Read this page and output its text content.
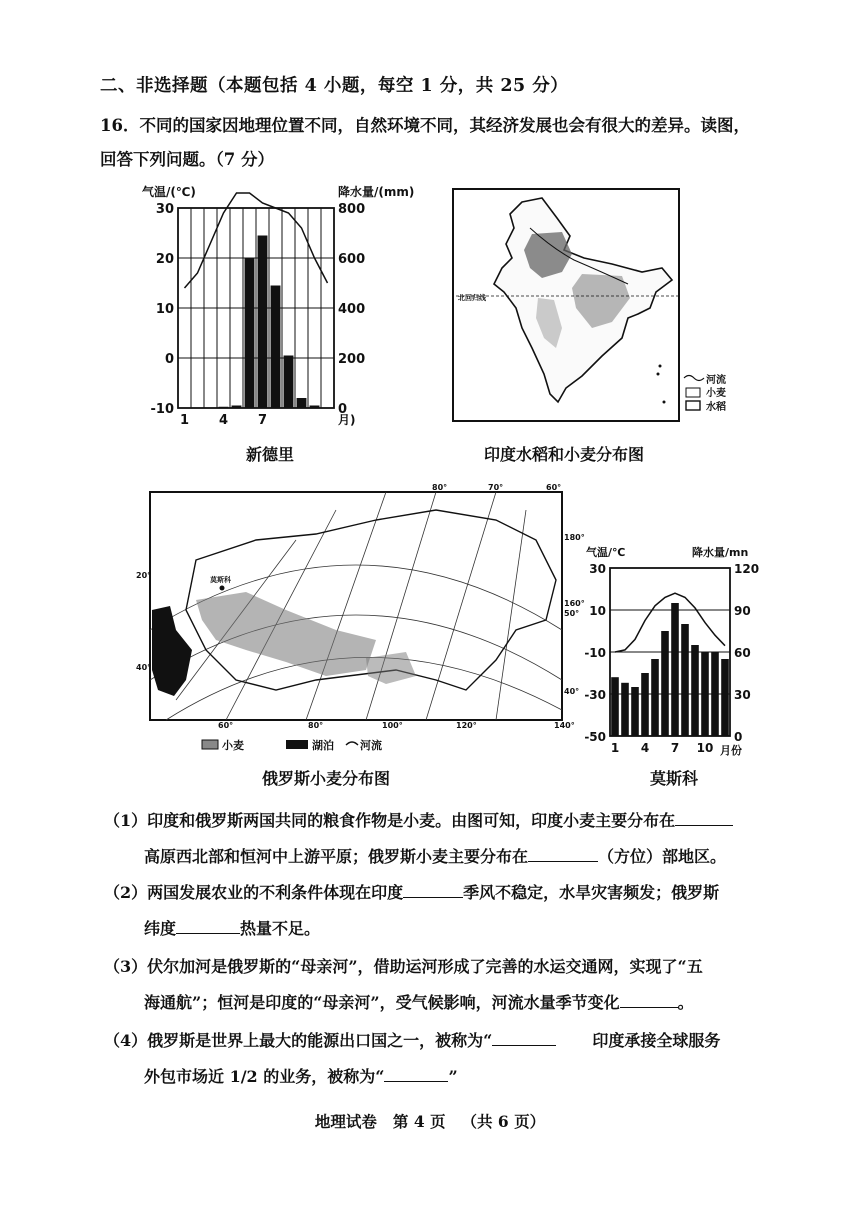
二、非选择题（本题包括 4 小题，每空 1 分，共 25 分）
16．不同的国家因地理位置不同，自然环境不同，其经济发展也会有很大的差异。读图，
回答下列问题。（7 分）
气温/(℃)	降水量/(mm)
30
20
10
0
-10
800
600
400
200
0
1 4 7	月)
新德里
北回归线
河流
小麦
水稻
印度水稻和小麦分布图
莫斯科
80°	70°	60°
20°
40°
180°
160°
50°
40°
60°	80°	100°	120°	140°
小麦	湖泊 河流
俄罗斯小麦分布图
气温/℃	降水量/mn
30
10
-10
-30
-50
120
90
60
30
0
1 4 7 10 月份
莫斯科
（1）印度和俄罗斯两国共同的粮食作物是小麦。由图可知，印度小麦主要分布在
高原西北部和恒河中上游平原；俄罗斯小麦主要分布在	（方位）部地区。
（2）两国发展农业的不利条件体现在印度	季风不稳定，水旱灾害频发；俄罗斯
纬度	热量不足。
（3）伏尔加河是俄罗斯的“母亲河”，借助运河形成了完善的水运交通网，实现了“五
海通航”；恒河是印度的“母亲河”，受气候影响，河流水量季节变化	。
（4）俄罗斯是世界上最大的能源出口国之一，被称为“	印度承接全球服务
外包市场近 1/2 的业务，被称为“	”
地理试卷 第 4 页 （共 6 页）
